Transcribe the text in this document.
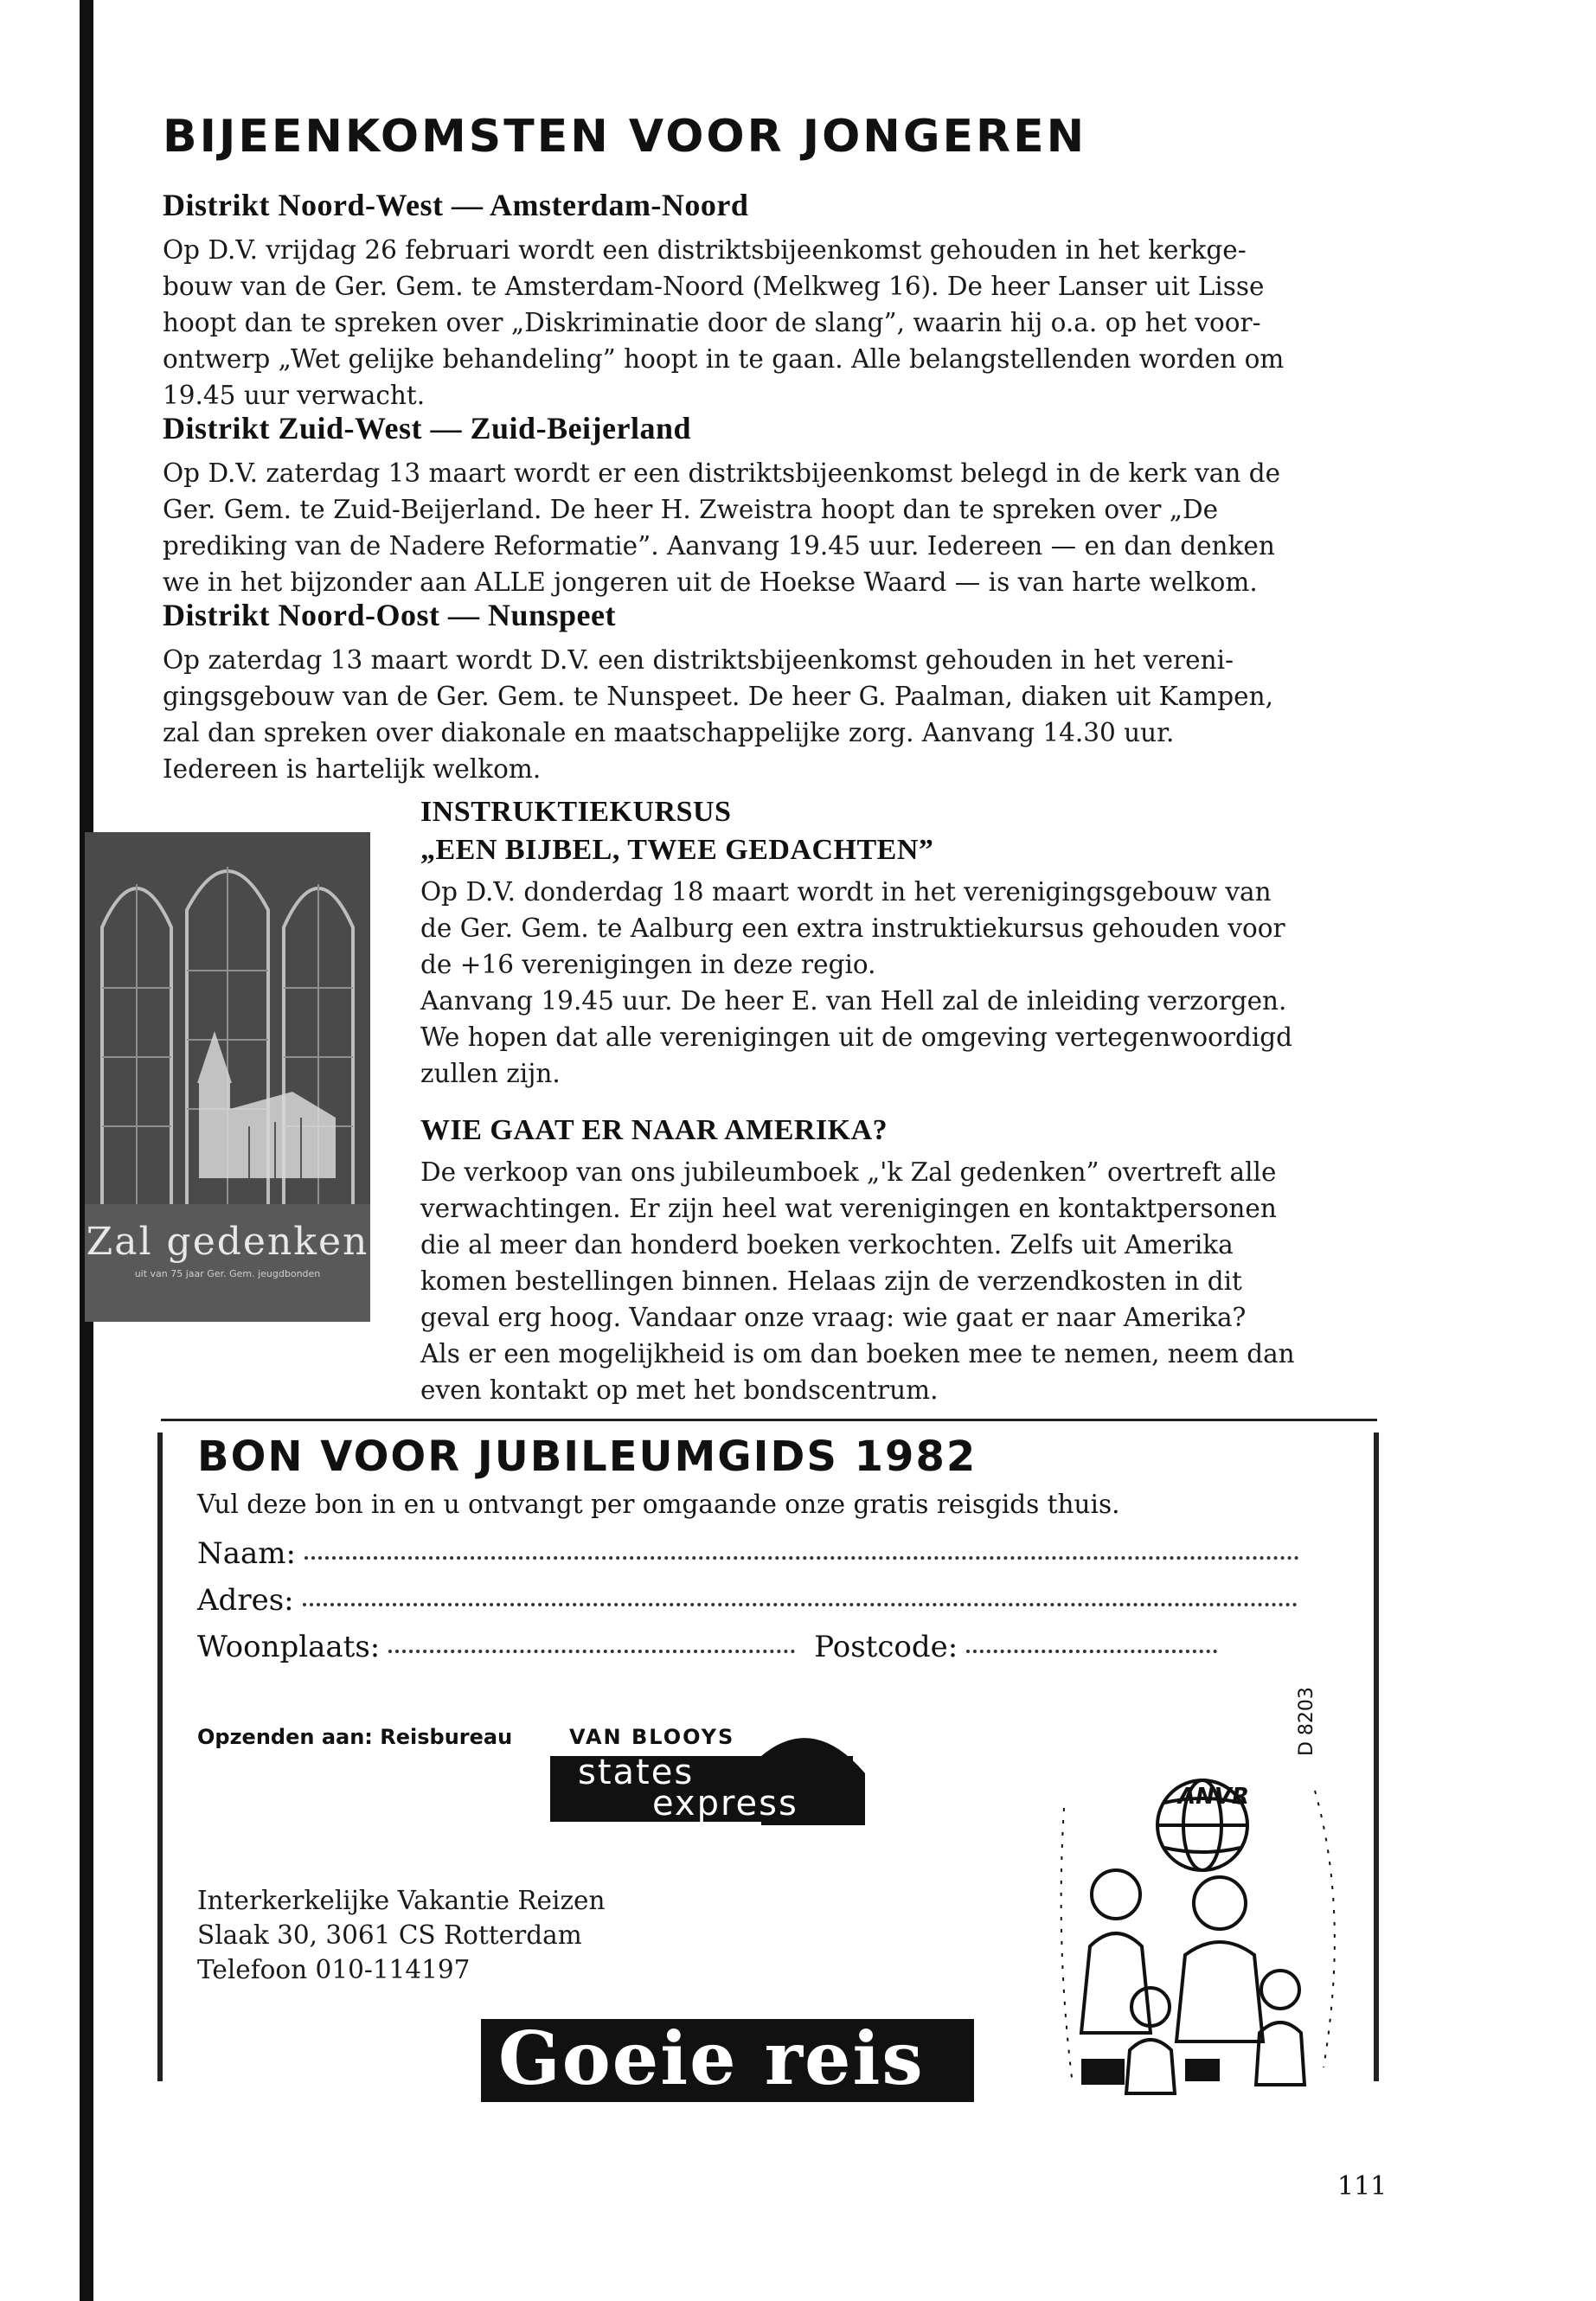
BIJEENKOMSTEN VOOR JONGEREN
Distrikt Noord-West — Amsterdam-Noord

Op D.V. vrijdag 26 februari wordt een distriktsbijeenkomst gehouden in het kerkge-

bouw van de Ger. Gem. te Amsterdam-Noord (Melkweg 16). De heer Lanser uit Lisse

hoopt dan te spreken over „Diskriminatie door de slang”, waarin hij o.a. op het voor-

ontwerp „Wet gelijke behandeling” hoopt in te gaan. Alle belangstellenden worden om

19.45 uur verwacht.

Distrikt Zuid-West — Zuid-Beijerland

Op D.V. zaterdag 13 maart wordt er een distriktsbijeenkomst belegd in de kerk van de

Ger. Gem. te Zuid-Beijerland. De heer H. Zweistra hoopt dan te spreken over „De

prediking van de Nadere Reformatie”. Aanvang 19.45 uur. Iedereen — en dan denken

we in het bijzonder aan ALLE jongeren uit de Hoekse Waard — is van harte welkom.

Distrikt Noord-Oost — Nunspeet

Op zaterdag 13 maart wordt D.V. een distriktsbijeenkomst gehouden in het vereni-

gingsgebouw van de Ger. Gem. te Nunspeet. De heer G. Paalman, diaken uit Kampen,

zal dan spreken over diakonale en maatschappelijke zorg. Aanvang 14.30 uur.

Iedereen is hartelijk welkom.

Zal gedenken
uit van 75 jaar Ger. Gem. jeugdbonden
INSTRUKTIEKURSUS
„EEN BIJBEL, TWEE GEDACHTEN”

Op D.V. donderdag 18 maart wordt in het verenigingsgebouw van

de Ger. Gem. te Aalburg een extra instruktiekursus gehouden voor

de +16 verenigingen in deze regio.

Aanvang 19.45 uur. De heer E. van Hell zal de inleiding verzorgen.

We hopen dat alle verenigingen uit de omgeving vertegenwoordigd

zullen zijn.

WIE GAAT ER NAAR AMERIKA?

De verkoop van ons jubileumboek „'k Zal gedenken” overtreft alle

verwachtingen. Er zijn heel wat verenigingen en kontaktpersonen

die al meer dan honderd boeken verkochten. Zelfs uit Amerika

komen bestellingen binnen. Helaas zijn de verzendkosten in dit

geval erg hoog. Vandaar onze vraag: wie gaat er naar Amerika?

Als er een mogelijkheid is om dan boeken mee te nemen, neem dan

even kontakt op met het bondscentrum.

BON VOOR JUBILEUMGIDS 1982
Vul deze bon in en u ontvangt per omgaande onze gratis reisgids thuis.
Naam:
Adres:
Woonplaats:	Postcode:
D 8203

Opzenden aan: Reisbureau	VAN BLOOYS

states
express
Interkerkelijke Vakantie Reizen
Slaak 30, 3061 CS Rotterdam
Telefoon 010-114197
Goeie reis
ANVR

111
